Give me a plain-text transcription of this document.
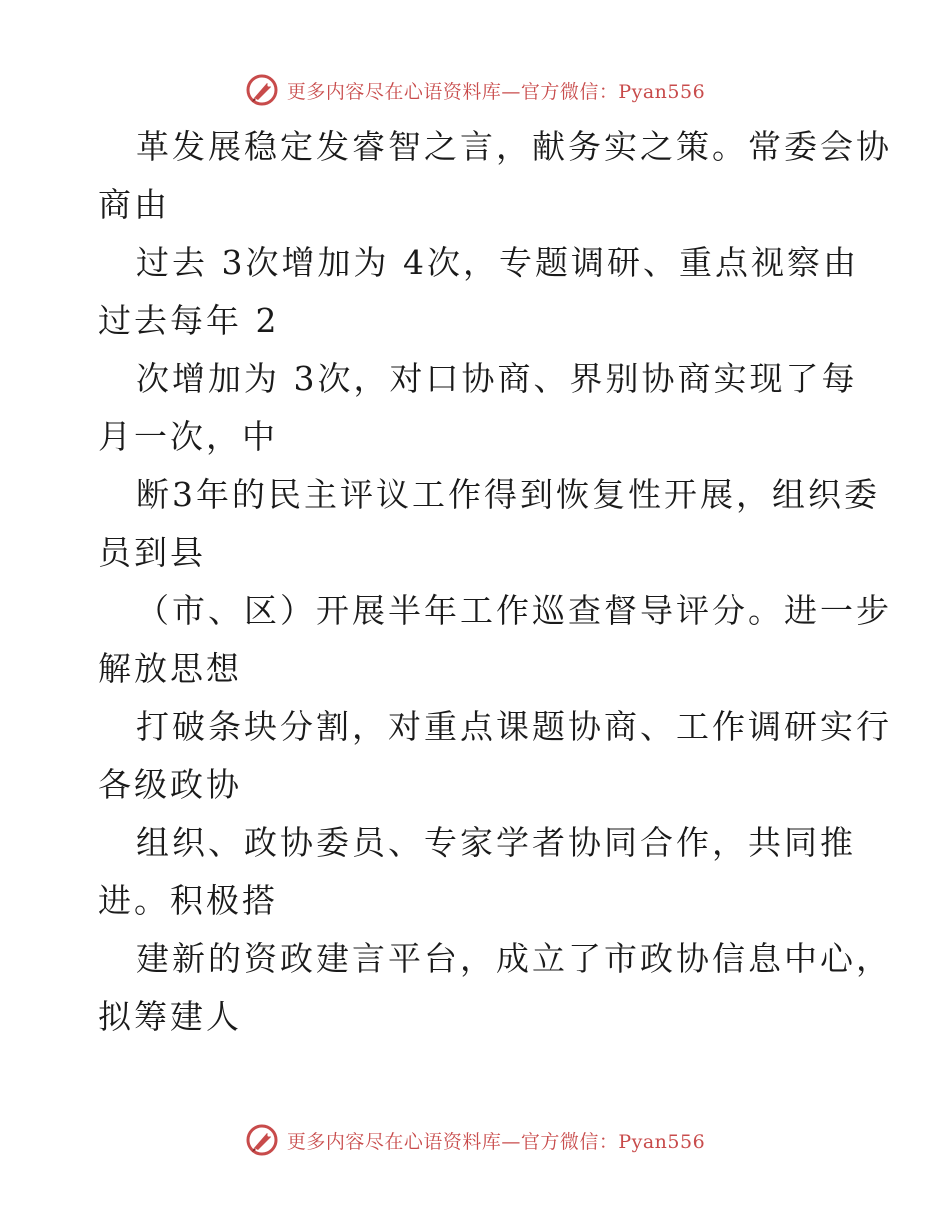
更多内容尽在心语资料库—官方微信：Pyan556
革发展稳定发睿智之言，献务实之策。常委会协
商由
过去 3次增加为 4次，专题调研、重点视察由
过去每年 2
次增加为 3次，对口协商、界别协商实现了每
月一次，中
断3年的民主评议工作得到恢复性开展，组织委
员到县
（市、区）开展半年工作巡查督导评分。进一步
解放思想
打破条块分割，对重点课题协商、工作调研实行
各级政协
组织、政协委员、专家学者协同合作，共同推
进。积极搭
建新的资政建言平台，成立了市政协信息中心，
拟筹建人
更多内容尽在心语资料库—官方微信：Pyan556
